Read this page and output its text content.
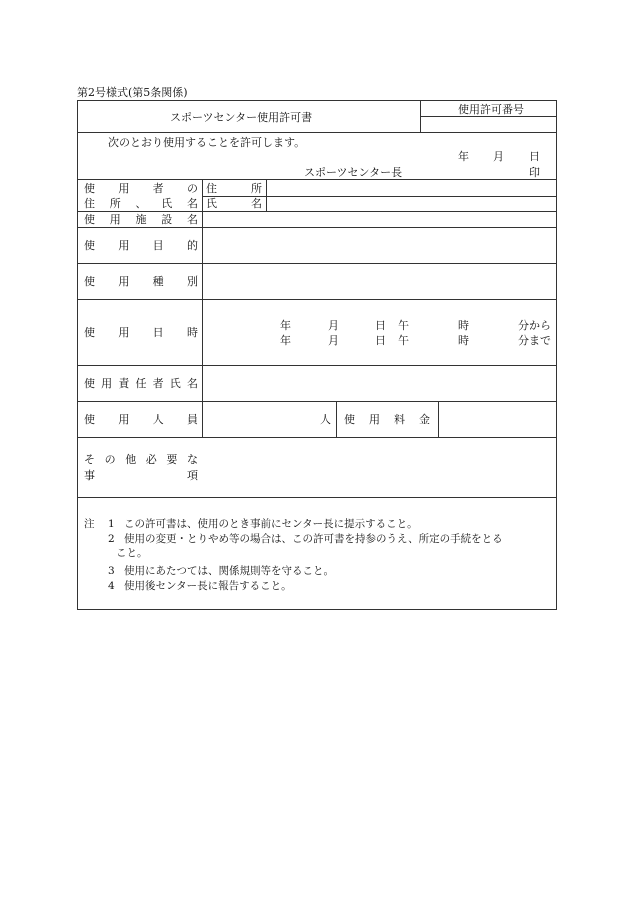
第2号様式(第5条関係)
スポーツセンター使用許可書
使用許可番号
次のとおり使用することを許可します。
年 月 日
スポーツセンター長	印
使 用 者 の
住 所 、 氏 名
住	所
氏	名
使 用 施 設 名
使 用 目 的
使 用 種 別
使 用 日 時
年	月	日 午	時	分から
年	月	日 午	時	分まで
使 用 責 任 者 氏 名
使 用 人 員	人 使 用 料 金
そ の 他 必 要 な
事	項
注 1 この許可書は、使用のとき事前にセンター長に提示すること。
2 使用の変更・とりやめ等の場合は、この許可書を持参のうえ、所定の手続をとる
こと。
3 使用にあたつては、関係規則等を守ること。
4 使用後センター長に報告すること。
